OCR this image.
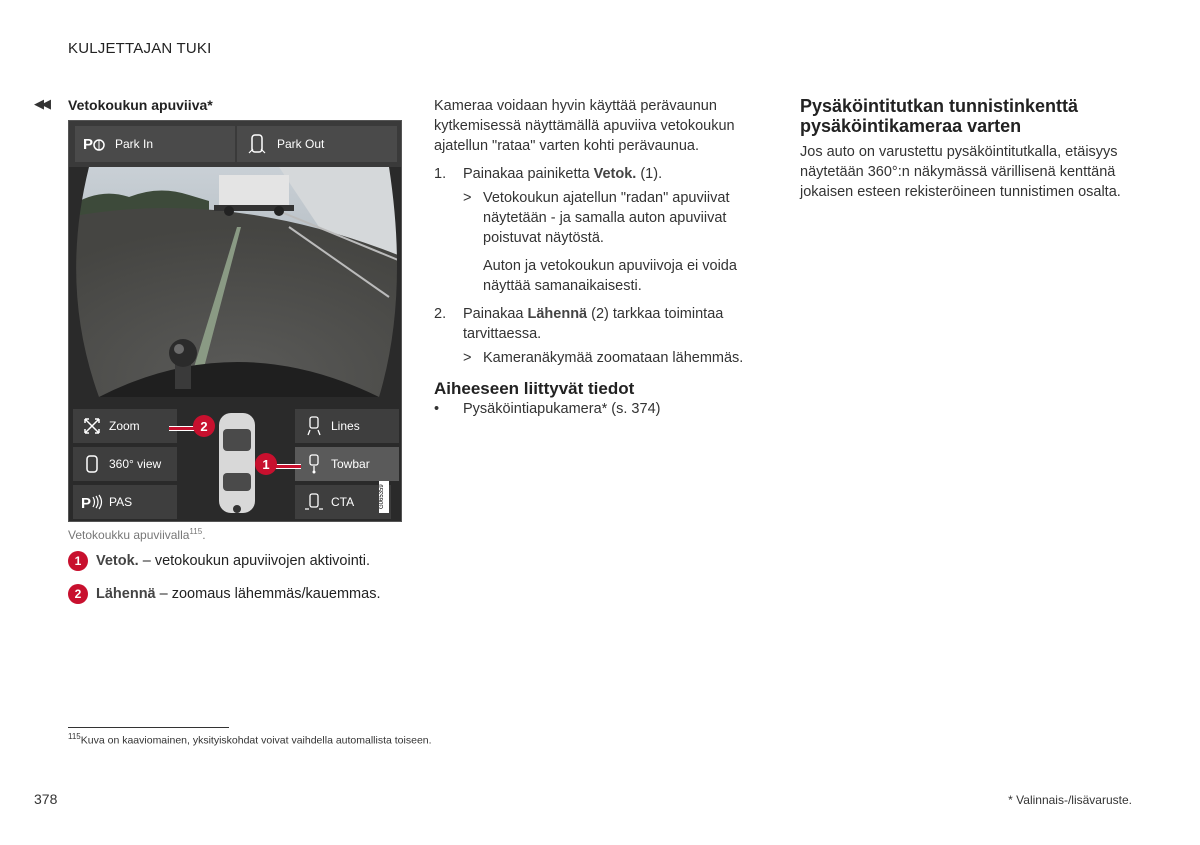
KULJETTAJAN TUKI
◀◀ Vetokoukun apuviiva*
P Park In	Park Out
Zoom
360° view
P PAS
Lines
Towbar
CTA
2
1
G065359
Vetokoukku apuviivalla$^{115}$.
1	Vetok. – vetokoukun apuviivojen aktivointi.
2	Lähennä – zoomaus lähemmäs/kauemmas.
Kameraa voidaan hyvin käyttää perävaunun kytkemisessä näyttämällä apuviiva vetokoukun ajatellun "rataa" varten kohti perävaunua.
1.	Painakaa painiketta Vetok. (1).
> Vetokoukun ajatellun "radan" apuviivat näytetään - ja samalla auton apuviivat poistuvat näytöstä.
Auton ja vetokoukun apuviivoja ei voida näyttää samanaikaisesti.
2.	Painakaa Lähennä (2) tarkkaa toimintaa tarvittaessa.
> Kameranäkymää zoomataan lähemmäs.
Aiheeseen liittyvät tiedot
•	Pysäköintiapukamera* (s. 374)
Pysäköintitutkan tunnistinkenttä pysäköintikameraa varten
Jos auto on varustettu pysäköintitutkalla, etäisyys näytetään 360°:n näkymässä värillisenä kenttänä jokaisen esteen rekisteröineen tunnistimen osalta.
$^{115}$Kuva on kaaviomainen, yksityiskohdat voivat vaihdella automallista toiseen.
378	* Valinnais-/lisävaruste.
